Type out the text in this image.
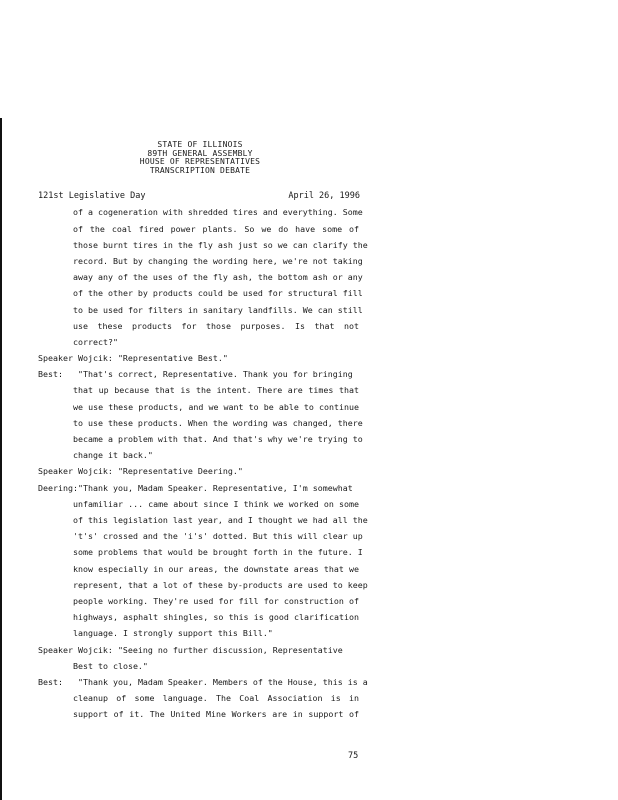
STATE OF ILLINOIS
89TH GENERAL ASSEMBLY
HOUSE OF REPRESENTATIVES
TRANSCRIPTION DEBATE
121st Legislative Day	April 26, 1996
of a cogeneration with shredded tires and everything. Some
of the coal fired power plants. So we do have some of
those burnt tires in the fly ash just so we can clarify the
record. But by changing the wording here, we're not taking
away any of the uses of the fly ash, the bottom ash or any
of the other by products could be used for structural fill
to be used for filters in sanitary landfills. We can still
use these products for those purposes. Is that not
correct?"
Speaker Wojcik: "Representative Best."
Best: "That's correct, Representative. Thank you for bringing
that up because that is the intent. There are times that
we use these products, and we want to be able to continue
to use these products. When the wording was changed, there
became a problem with that. And that's why we're trying to
change it back."
Speaker Wojcik: "Representative Deering."
Deering: "Thank you, Madam Speaker. Representative, I'm somewhat
unfamiliar ... came about since I think we worked on some
of this legislation last year, and I thought we had all the
't's' crossed and the 'i's' dotted. But this will clear up
some problems that would be brought forth in the future. I
know especially in our areas, the downstate areas that we
represent, that a lot of these by-products are used to keep
people working. They're used for fill for construction of
highways, asphalt shingles, so this is good clarification
language. I strongly support this Bill."
Speaker Wojcik: "Seeing no further discussion, Representative
Best to close."
Best: "Thank you, Madam Speaker. Members of the House, this is a
cleanup of some language. The Coal Association is in
support of it. The United Mine Workers are in support of
75
